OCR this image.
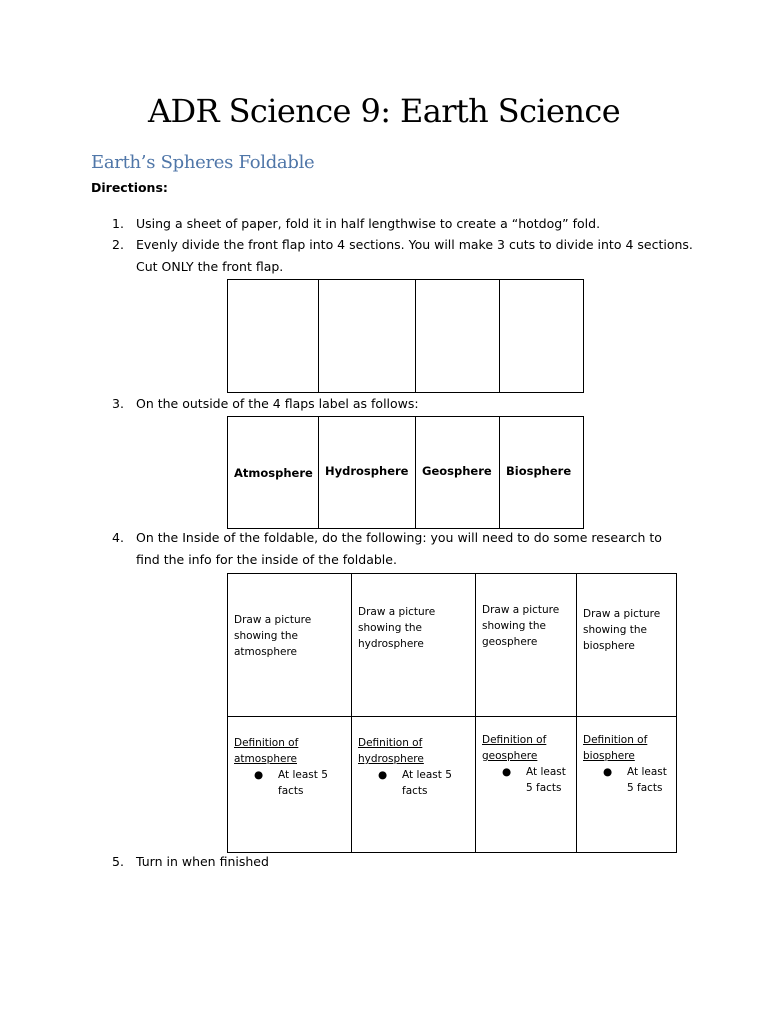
ADR Science 9: Earth Science
Earth’s Spheres Foldable
Directions:
1. Using a sheet of paper, fold it in half lengthwise to create a “hotdog” fold.
2. Evenly divide the front flap into 4 sections. You will make 3 cuts to divide into 4 sections.
Cut ONLY the front flap.

3. On the outside of the 4 flaps label as follows:
Atmosphere	Hydrosphere	Geosphere	Biosphere
4. On the Inside of the foldable, do the following: you will need to do some research to
find the info for the inside of the foldable.
Draw a picture
showing the
atmosphere	Draw a picture
showing the
hydrosphere	Draw a picture
showing the
geosphere	Draw a picture
showing the
biosphere

Definition of
atmosphere
● At least 5
facts	Definition of
hydrosphere
● At least 5
facts	Definition of
geosphere
● At least
5 facts	Definition of
biosphere
● At least
5 facts
5. Turn in when finished
